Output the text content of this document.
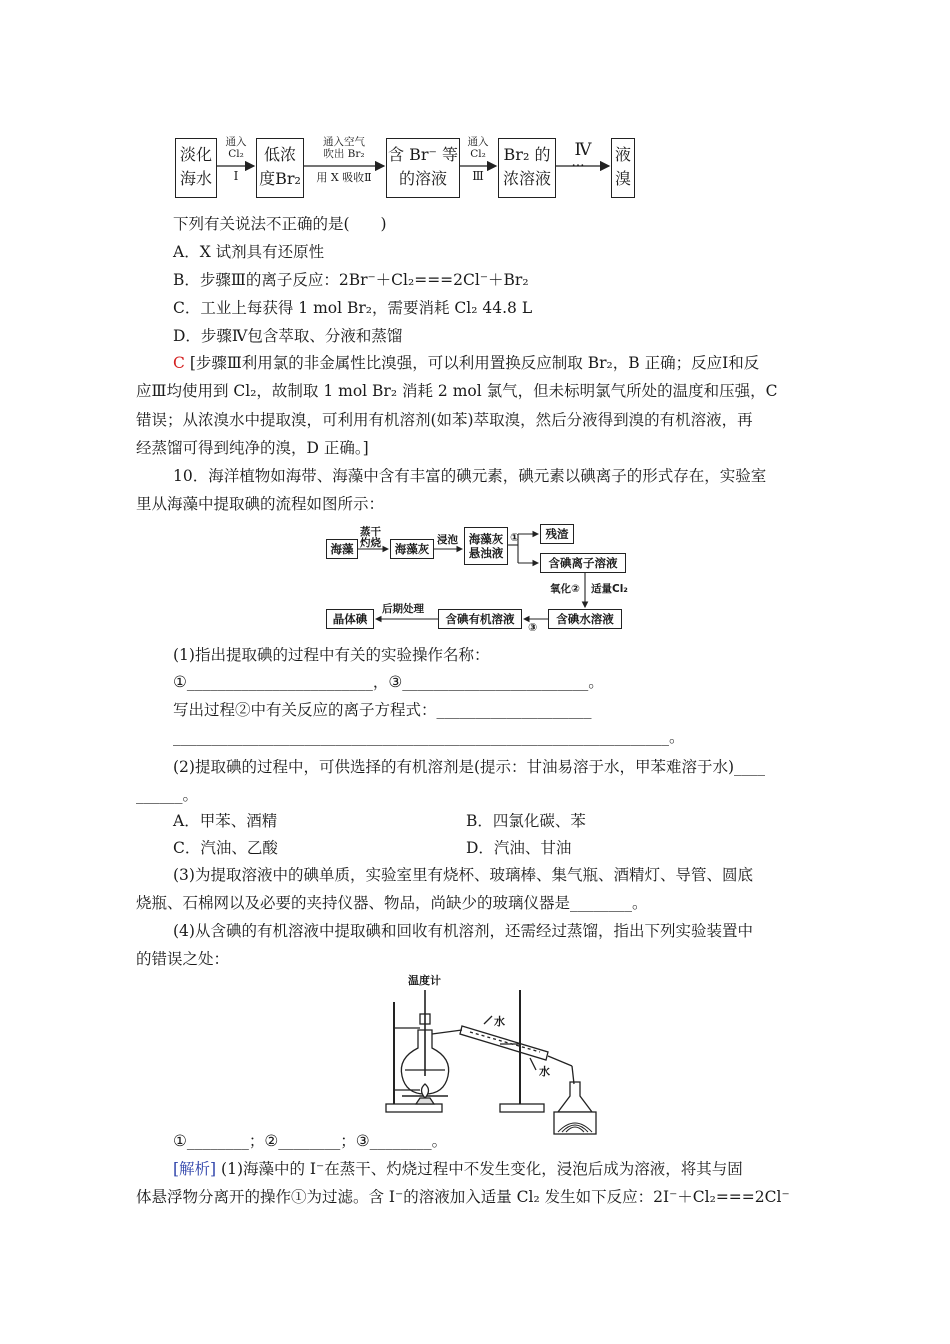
淡化
海水
低浓
度Br₂
含 Br⁻ 等
的溶液
Br₂ 的
浓溶液
液
溴
通入
Cl₂
Ⅰ
通入空气
吹出 Br₂
用 X 吸收Ⅱ
通入
Cl₂
Ⅲ
Ⅳ
…
下列有关说法不正确的是(　　)
A．X 试剂具有还原性
B．步骤Ⅲ的离子反应：2Br⁻＋Cl₂===2Cl⁻＋Br₂
C．工业上每获得 1 mol Br₂，需要消耗 Cl₂ 44.8 L
D．步骤Ⅳ包含萃取、分液和蒸馏
C [步骤Ⅲ利用氯的非金属性比溴强，可以利用置换反应制取 Br₂，B 正确；反应Ⅰ和反
应Ⅲ均使用到 Cl₂，故制取 1 mol Br₂ 消耗 2 mol 氯气，但未标明氯气所处的温度和压强，C
错误；从浓溴水中提取溴，可利用有机溶剂(如苯)萃取溴，然后分液得到溴的有机溶液，再
经蒸馏可得到纯净的溴，D 正确。]
10．海洋植物如海带、海藻中含有丰富的碘元素，碘元素以碘离子的形式存在，实验室
里从海藻中提取碘的流程如图所示：
海藻	海藻灰
海藻灰
悬浊液
残渣
含碘离子溶液
含碘水溶液
含碘有机溶液
晶体碘
蒸干
灼烧	浸泡	①
氧化② 适量Cl₂
③
后期处理
(1)指出提取碘的过程中有关的实验操作名称：
①________________________，③________________________。
写出过程②中有关反应的离子方程式：____________________
________________________________________________________________。
(2)提取碘的过程中，可供选择的有机溶剂是(提示：甘油易溶于水，甲苯难溶于水)____
______。
A．甲苯、酒精	B．四氯化碳、苯
C．汽油、乙酸	D．汽油、甘油
(3)为提取溶液中的碘单质，实验室里有烧杯、玻璃棒、集气瓶、酒精灯、导管、圆底
烧瓶、石棉网以及必要的夹持仪器、物品，尚缺少的玻璃仪器是________。
(4)从含碘的有机溶液中提取碘和回收有机溶剂，还需经过蒸馏，指出下列实验装置中
的错误之处：
温度计
水
水
①________；②________；③________。
[解析] (1)海藻中的 I⁻在蒸干、灼烧过程中不发生变化，浸泡后成为溶液，将其与固
体悬浮物分离开的操作①为过滤。含 I⁻的溶液加入适量 Cl₂ 发生如下反应：2I⁻＋Cl₂===2Cl⁻
